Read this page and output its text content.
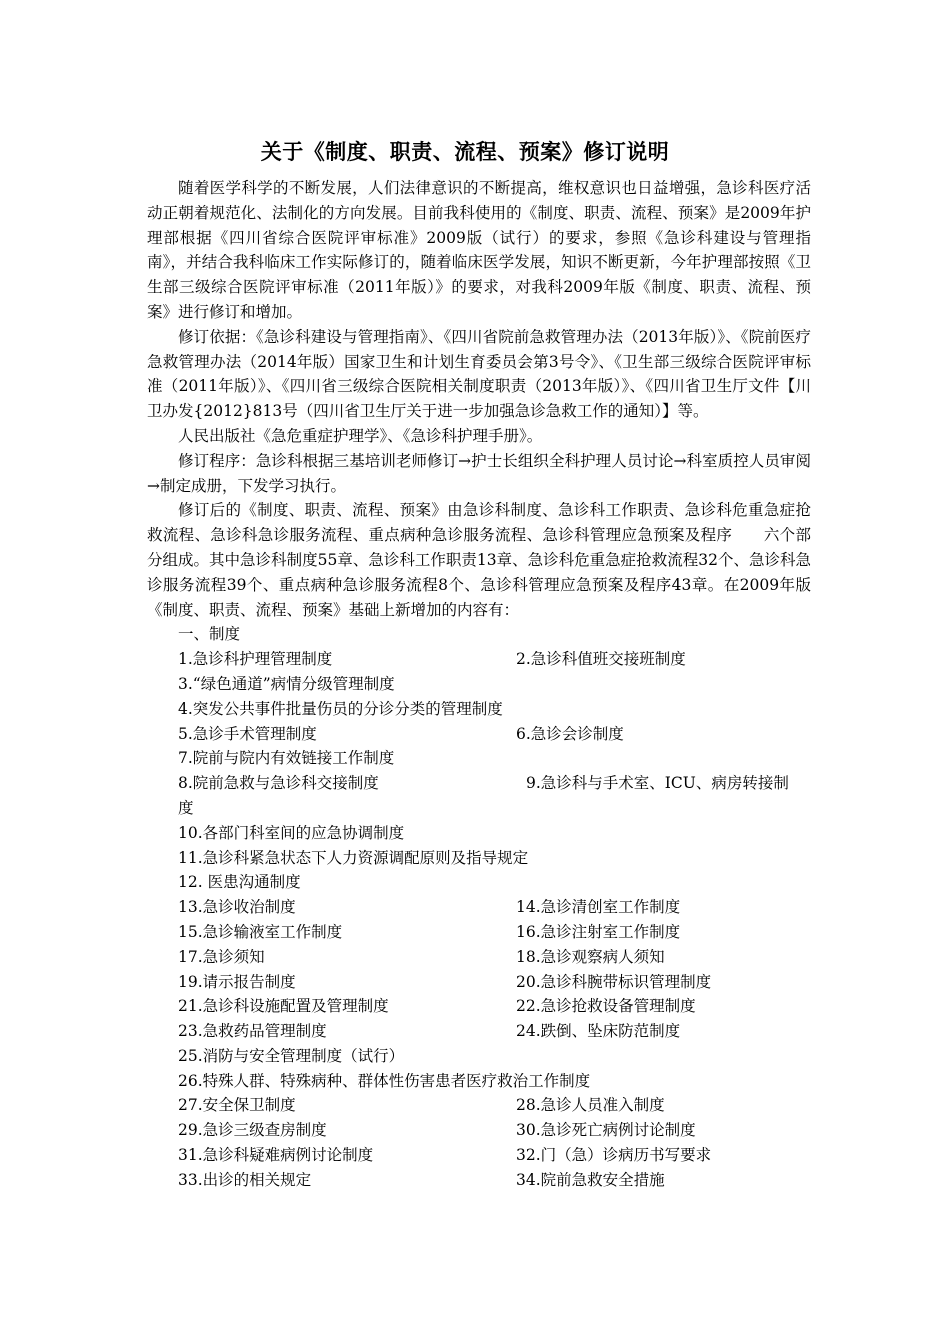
关于《制度、职责、流程、预案》修订说明

随着医学科学的不断发展，人们法律意识的不断提高，维权意识也日益增强，急诊科医疗活动正朝着规范化、法制化的方向发展。目前我科使用的《制度、职责、流程、预案》是2009年护理部根据《四川省综合医院评审标准》2009版（试行）的要求，参照《急诊科建设与管理指南》，并结合我科临床工作实际修订的，随着临床医学发展，知识不断更新，今年护理部按照《卫生部三级综合医院评审标准（2011年版）》的要求，对我科2009年版《制度、职责、流程、预案》进行修订和增加。

修订依据：《急诊科建设与管理指南》、《四川省院前急救管理办法（2013年版）》、《院前医疗急救管理办法（2014年版）国家卫生和计划生育委员会第3号令》、《卫生部三级综合医院评审标准（2011年版）》、《四川省三级综合医院相关制度职责（2013年版）》、《四川省卫生厅文件【川卫办发{2012}813号（四川省卫生厅关于进一步加强急诊急救工作的通知）】等。

人民出版社《急危重症护理学》、《急诊科护理手册》。

修订程序：急诊科根据三基培训老师修订→护士长组织全科护理人员讨论→科室质控人员审阅→制定成册，下发学习执行。

修订后的《制度、职责、流程、预案》由急诊科制度、急诊科工作职责、急诊科危重急症抢救流程、急诊科急诊服务流程、重点病种急诊服务流程、急诊科管理应急预案及程序　　六个部分组成。其中急诊科制度55章、急诊科工作职责13章、急诊科危重急症抢救流程32个、急诊科急诊服务流程39个、重点病种急诊服务流程8个、急诊科管理应急预案及程序43章。在2009年版《制度、职责、流程、预案》基础上新增加的内容有：

一、制度
1.急诊科护理管理制度	2.急诊科值班交接班制度
3.“绿色通道”病情分级管理制度
4.突发公共事件批量伤员的分诊分类的管理制度
5.急诊手术管理制度	6.急诊会诊制度
7.院前与院内有效链接工作制度
8.院前急救与急诊科交接制度	9.急诊科与手术室、ICU、病房转接制
度
10.各部门科室间的应急协调制度
11.急诊科紧急状态下人力资源调配原则及指导规定
12. 医患沟通制度
13.急诊收治制度	14.急诊清创室工作制度
15.急诊输液室工作制度	16.急诊注射室工作制度
17.急诊须知	18.急诊观察病人须知
19.请示报告制度	20.急诊科腕带标识管理制度
21.急诊科设施配置及管理制度	22.急诊抢救设备管理制度
23.急救药品管理制度	24.跌倒、坠床防范制度
25.消防与安全管理制度（试行）
26.特殊人群、特殊病种、群体性伤害患者医疗救治工作制度
27.安全保卫制度	28.急诊人员准入制度
29.急诊三级查房制度	30.急诊死亡病例讨论制度
31.急诊科疑难病例讨论制度	32.门（急）诊病历书写要求
33.出诊的相关规定	34.院前急救安全措施
